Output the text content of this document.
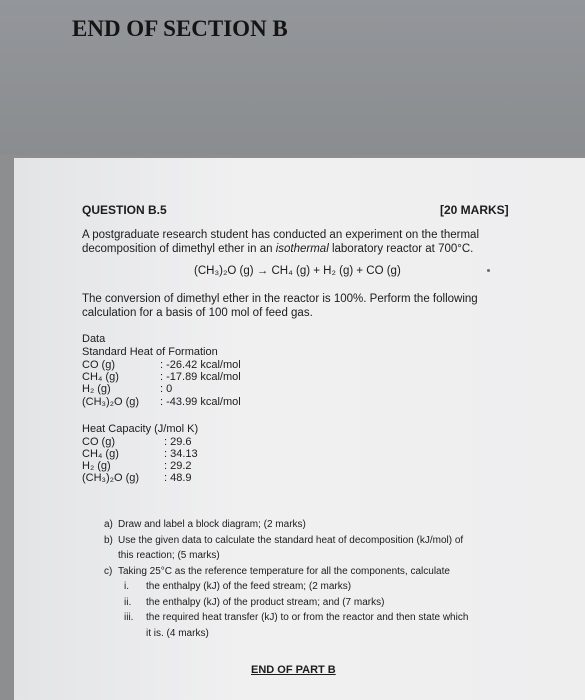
END OF SECTION B
QUESTION B.5	[20 MARKS]
A postgraduate research student has conducted an experiment on the thermal
decomposition of dimethyl ether in an isothermal laboratory reactor at 700°C.
(CH₃)₂O (g) → CH₄ (g) + H₂ (g) + CO (g)
The conversion of dimethyl ether in the reactor is 100%. Perform the following
calculation for a basis of 100 mol of feed gas.
Data
Standard Heat of Formation
CO (g)	: -26.42 kcal/mol
CH₄ (g)	: -17.89 kcal/mol
H₂ (g)	: 0
(CH₃)₂O (g) : -43.99 kcal/mol
Heat Capacity (J/mol K)
CO (g)	: 29.6
CH₄ (g)	: 34.13
H₂ (g)	: 29.2
(CH₃)₂O (g) : 48.9
a) Draw and label a block diagram; (2 marks)
b) Use the given data to calculate the standard heat of decomposition (kJ/mol) of
this reaction; (5 marks)
c) Taking 25°C as the reference temperature for all the components, calculate
i.	the enthalpy (kJ) of the feed stream; (2 marks)
ii.	the enthalpy (kJ) of the product stream; and (7 marks)
iii.	the required heat transfer (kJ) to or from the reactor and then state which
it is. (4 marks)
END OF PART B
